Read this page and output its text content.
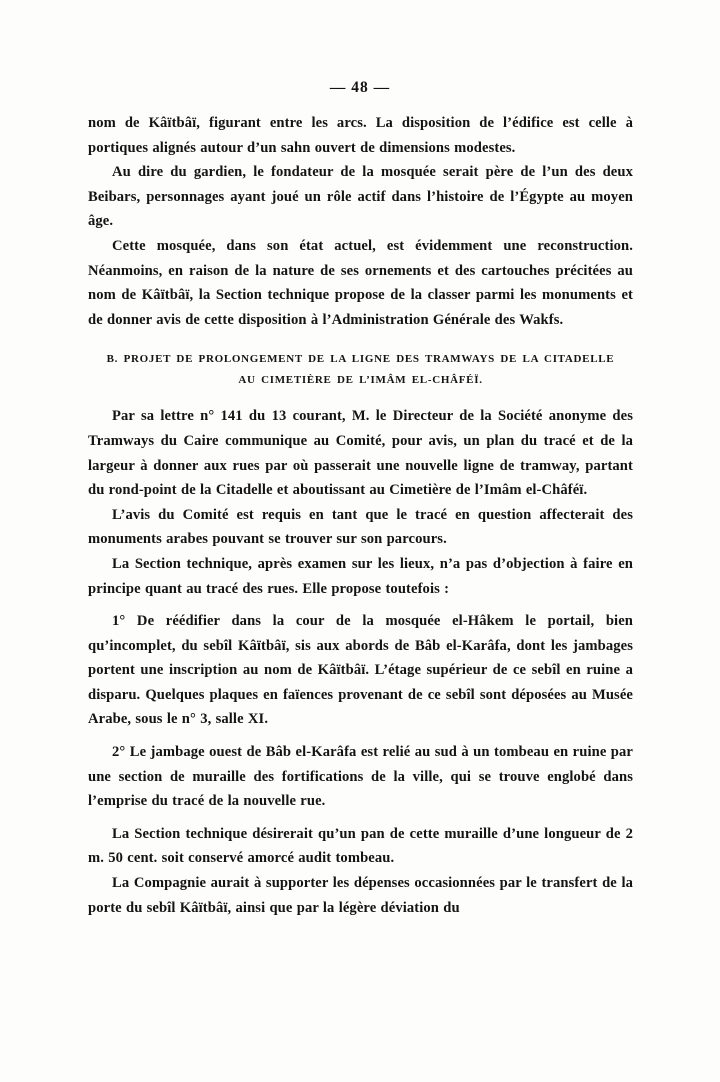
— 48 —

nom de Kâïtbâï, figurant entre les arcs. La disposition de l’édifice est celle à portiques alignés autour d’un sahn ouvert de dimensions modestes.

Au dire du gardien, le fondateur de la mosquée serait père de l’un des deux Beibars, personnages ayant joué un rôle actif dans l’histoire de l’Égypte au moyen âge.

Cette mosquée, dans son état actuel, est évidemment une reconstruction. Néanmoins, en raison de la nature de ses ornements et des cartouches précitées au nom de Kâïtbâï, la Section technique propose de la classer parmi les monuments et de donner avis de cette disposition à l’Administration Générale des Wakfs.

B. PROJET DE PROLONGEMENT DE LA LIGNE DES TRAMWAYS DE LA CITADELLE
AU CIMETIÈRE DE L’IMÂM EL-CHÂFÉÏ.

Par sa lettre n° 141 du 13 courant, M. le Directeur de la Société anonyme des Tramways du Caire communique au Comité, pour avis, un plan du tracé et de la largeur à donner aux rues par où passerait une nouvelle ligne de tramway, partant du rond-point de la Citadelle et aboutissant au Cimetière de l’Imâm el-Châféï.

L’avis du Comité est requis en tant que le tracé en question affecterait des monuments arabes pouvant se trouver sur son parcours.

La Section technique, après examen sur les lieux, n’a pas d’objection à faire en principe quant au tracé des rues. Elle propose toutefois :

1° De réédifier dans la cour de la mosquée el-Hâkem le portail, bien qu’incomplet, du sebîl Kâïtbâï, sis aux abords de Bâb el-Karâfa, dont les jambages portent une inscription au nom de Kâïtbâï. L’étage supérieur de ce sebîl en ruine a disparu. Quelques plaques en faïences provenant de ce sebîl sont déposées au Musée Arabe, sous le n° 3, salle XI.

2° Le jambage ouest de Bâb el-Karâfa est relié au sud à un tombeau en ruine par une section de muraille des fortifications de la ville, qui se trouve englobé dans l’emprise du tracé de la nouvelle rue.

La Section technique désirerait qu’un pan de cette muraille d’une longueur de 2 m. 50 cent. soit conservé amorcé audit tombeau.

La Compagnie aurait à supporter les dépenses occasionnées par le transfert de la porte du sebîl Kâïtbâï, ainsi que par la légère déviation du
